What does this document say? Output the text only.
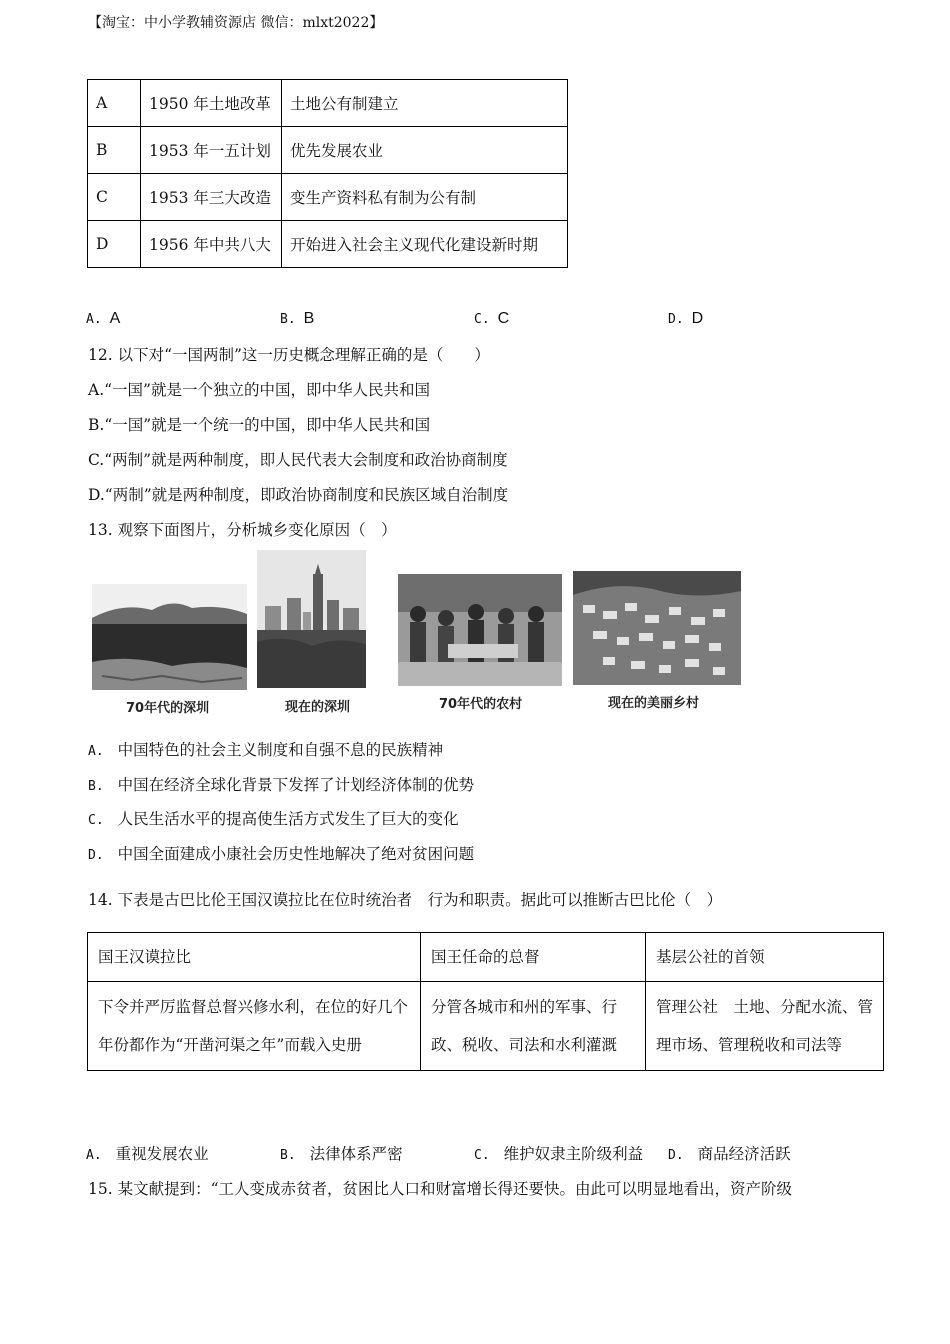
【淘宝：中小学教辅资源店 微信：mlxt2022】
A	1950 年土地改革	土地公有制建立
B	1953 年一五计划	优先发展农业
C	1953 年三大改造	变生产资料私有制为公有制
D	1956 年中共八大	开始进入社会主义现代化建设新时期
A. A	B. B	C. C	D. D
12. 以下对“一国两制”这一历史概念理解正确的是（　　）
A.“一国”就是一个独立的中国，即中华人民共和国
B.“一国”就是一个统一的中国，即中华人民共和国
C.“两制”就是两种制度，即人民代表大会制度和政治协商制度
D.“两制”就是两种制度，即政治协商制度和民族区域自治制度
13. 观察下面图片，分析城乡变化原因（　）
70年代的深圳	现在的深圳	70年代的农村	现在的美丽乡村
A. 中国特色的社会主义制度和自强不息的民族精神
B. 中国在经济全球化背景下发挥了计划经济体制的优势
C. 人民生活水平的提高使生活方式发生了巨大的变化
D. 中国全面建成小康社会历史性地解决了绝对贫困问题
14. 下表是古巴比伦王国汉谟拉比在位时统治者　行为和职责。据此可以推断古巴比伦（　）
国王汉谟拉比	国王任命的总督	基层公社的首领
下令并严厉监督总督兴修水利，在位的好几个年份都作为“开凿河渠之年”而载入史册	分管各城市和州的军事、行政、税收、司法和水利灌溉	管理公社　土地、分配水流、管理市场、管理税收和司法等
A. 重视发展农业	B. 法律体系严密	C. 维护奴隶主阶级利益 D. 商品经济活跃
15. 某文献提到：“工人变成赤贫者，贫困比人口和财富增长得还要快。由此可以明显地看出，资产阶级
